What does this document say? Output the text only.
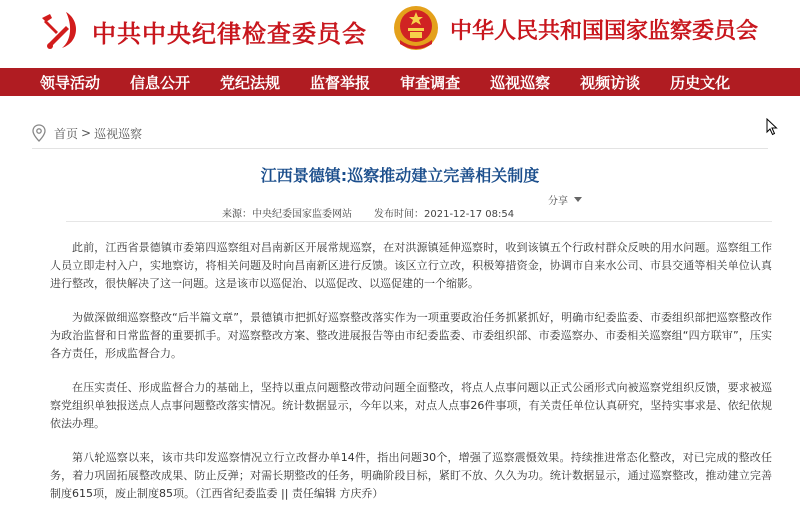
中共中央纪律检查委员会	中华人民共和国国家监察委员会
领导活动 信息公开 党纪法规 监督举报 审查调查 巡视巡察 视频访谈 历史文化
首页 > 巡视巡察
江西景德镇:巡察推动建立完善相关制度
分享
来源：中央纪委国家监委网站 发布时间：2021-12-17 08:54

此前，江西省景德镇市委第四巡察组对昌南新区开展常规巡察，在对洪源镇延伸巡察时，收到该镇五个行政村群众反映的用水问题。巡察组工作人员立即走村入户，实地察访，将相关问题及时向昌南新区进行反馈。该区立行立改，积极筹措资金，协调市自来水公司、市县交通等相关单位认真进行整改，很快解决了这一问题。这是该市以巡促治、以巡促改、以巡促建的一个缩影。

为做深做细巡察整改“后半篇文章”，景德镇市把抓好巡察整改落实作为一项重要政治任务抓紧抓好，明确市纪委监委、市委组织部把巡察整改作为政治监督和日常监督的重要抓手。对巡察整改方案、整改进展报告等由市纪委监委、市委组织部、市委巡察办、市委相关巡察组“四方联审”，压实各方责任，形成监督合力。

在压实责任、形成监督合力的基础上，坚持以重点问题整改带动问题全面整改，将点人点事问题以正式公函形式向被巡察党组织反馈，要求被巡察党组织单独报送点人点事问题整改落实情况。统计数据显示，今年以来，对点人点事26件事项，有关责任单位认真研究，坚持实事求是、依纪依规依法办理。

第八轮巡察以来，该市共印发巡察情况立行立改督办单14件，指出问题30个，增强了巡察震慑效果。持续推进常态化整改，对已完成的整改任务，着力巩固拓展整改成果、防止反弹；对需长期整改的任务，明确阶段目标，紧盯不放、久久为功。统计数据显示，通过巡察整改，推动建立完善制度615项，废止制度85项。（江西省纪委监委 || 责任编辑 方庆乔）
